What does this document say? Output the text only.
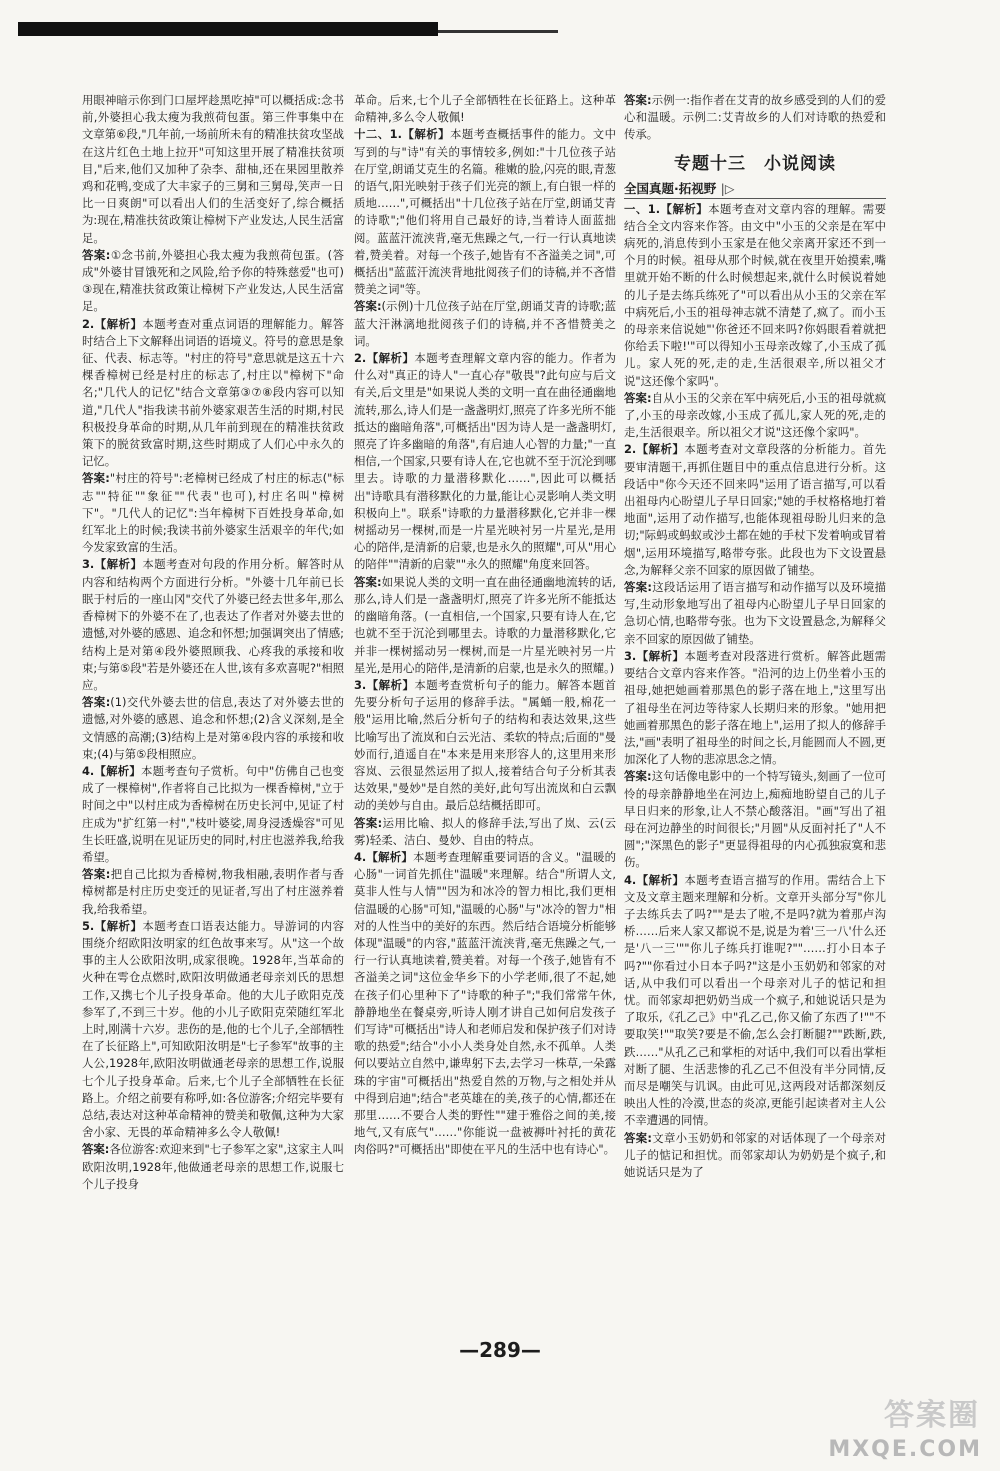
用眼神暗示你到门口屋坪趁黑吃掉"可以概括成:念书前,外婆担心我太瘦为我煎荷包蛋。第三件事集中在文章第⑥段,"几年前,一场前所未有的精准扶贫攻坚战在这片红色土地上拉开"可知这里开展了精准扶贫项目,"后来,他们又加种了杂李、甜柚,还在果园里散养鸡和花鸭,变成了大丰家子的三舅和三舅母,笑声一日比一日爽朗"可以看出人们的生活变好了,综合概括为:现在,精准扶贫政策让樟树下产业发达,人民生活富足。

答案:①念书前,外婆担心我太瘦为我煎荷包蛋。(答成"外婆甘冒饿死和之风险,给予你的特殊慈爱"也可) ③现在,精准扶贫政策让樟树下产业发达,人民生活富足。

2.【解析】本题考查对重点词语的理解能力。解答时结合上下文解释出词语的语境义。符号的意思是象征、代表、标志等。"村庄的符号"意思就是这五十六棵香樟树已经是村庄的标志了,村庄以"樟树下"命名;"几代人的记忆"结合文章第③⑦⑧段内容可以知道,"几代人"指我读书前外婆家艰苦生活的时期,村民积极投身革命的时期,从几年前到现在的精准扶贫政策下的脱贫致富时期,这些时期成了人们心中永久的记忆。

答案:"村庄的符号":老樟树已经成了村庄的标志("标志""特征""象征""代表"也可),村庄名叫"樟树下"。"几代人的记忆":当年樟树下百姓投身革命,如红军北上的时候;我读书前外婆家生活艰辛的年代;如今发家致富的生活。

3.【解析】本题考查对句段的作用分析。解答时从内容和结构两个方面进行分析。"外婆十几年前已长眠于村后的一座山冈"交代了外婆已经去世多年,那么香樟树下的外婆不在了,也表达了作者对外婆去世的遗憾,对外婆的感恩、追念和怀想;加强调突出了情感;结构上是对第④段外婆照顾我、心疼我的承接和收束;与第⑤段"若是外婆还在人世,该有多欢喜呢?"相照应。

答案:(1)交代外婆去世的信息,表达了对外婆去世的遗憾,对外婆的感恩、追念和怀想;(2)含义深刻,是全文情感的高潮;(3)结构上是对第④段内容的承接和收束;(4)与第⑤段相照应。

4.【解析】本题考查句子赏析。句中"仿佛自己也变成了一棵樟树",作者将自己比拟为一棵香樟树,"立于时间之中"以村庄成为香樟树在历史长河中,见证了村庄成为"扩红第一村","枝叶婆娑,周身浸透燥容"可见生长旺盛,说明在见证历史的同时,村庄也滋养我,给我希望。

答案:把自己比拟为香樟树,物我相融,表明作者与香樟树都是村庄历史变迁的见证者,写出了村庄滋养着我,给我希望。

5.【解析】本题考查口语表达能力。导游词的内容围绕介绍欧阳汝明家的红色故事来写。从"这一个故事的主人公欧阳汝明,成家很晚。1928年,当革命的火种在雩仓点燃时,欧阳汝明做通老母亲刘氏的思想工作,又携七个儿子投身革命。他的大儿子欧阳克茂参军了,不到三十岁。他的小儿子欧阳克荣随红军北上时,刚满十六岁。悲伤的是,他的七个儿子,全部牺牲在了长征路上",可知欧阳汝明是"七子参军"故事的主人公,1928年,欧阳汝明做通老母亲的思想工作,说服七个儿子投身革命。后来,七个儿子全部牺牲在长征路上。介绍之前要有称呼,如:各位游客;介绍完毕要有总结,表达对这种革命精神的赞美和敬佩,这种为大家舍小家、无畏的革命精神多么令人敬佩!

答案:各位游客:欢迎来到"七子参军之家",这家主人叫欧阳汝明,1928年,他做通老母亲的思想工作,说服七个儿子投身

革命。后来,七个儿子全部牺牲在长征路上。这种革命精神,多么令人敬佩!

十二、1.【解析】本题考查概括事件的能力。文中写到的与"诗"有关的事情较多,例如:"十几位孩子站在厅堂,朗诵艾克生的名篇。稚嫩的脸,闪亮的眼,青葱的语气,阳光映射于孩子们光亮的额上,有白银一样的质地……",可概括出"十几位孩子站在厅堂,朗诵艾青的诗歌";"他们将用自己最好的诗,当着诗人面蓝拙阅。蓝蓝汗流浃背,毫无焦躁之气,一行一行认真地读着,赞美着。对每一个孩子,她皆有不吝溢美之词",可概括出"蓝蓝汗流浃背地批阅孩子们的诗稿,并不吝惜赞美之词"等。

答案:(示例)十几位孩子站在厅堂,朗诵艾青的诗歌;蓝蓝大汗淋漓地批阅孩子们的诗稿,并不吝惜赞美之词。

2.【解析】本题考查理解文章内容的能力。作者为什么对"真正的诗人"一直心存"敬畏"?此句应与后文有关,后文里是"如果说人类的文明一直在曲径通幽地流转,那么,诗人们是一盏盏明灯,照亮了许多光所不能抵达的幽暗角落",可概括出"因为诗人是一盏盏明灯,照亮了许多幽暗的角落",有启迪人心智的力量;"一直相信,一个国家,只要有诗人在,它也就不至于沉沦到哪里去。诗歌的力量潜移默化……",因此可以概括出"诗歌具有潜移默化的力量,能让心灵影响人类文明积极向上"。联系"诗歌的力量潜移默化,它并非一棵树摇动另一棵树,而是一片星光映衬另一片星光,是用心的陪伴,是清新的启蒙,也是永久的照耀",可从"用心的陪伴""清新的启蒙""永久的照耀"角度来回答。

答案:如果说人类的文明一直在曲径通幽地流转的话,那么,诗人们是一盏盏明灯,照亮了许多光所不能抵达的幽暗角落。(一直相信,一个国家,只要有诗人在,它也就不至于沉沦到哪里去。诗歌的力量潜移默化,它并非一棵树摇动另一棵树,而是一片星光映衬另一片星光,是用心的陪伴,是清新的启蒙,也是永久的照耀。)

3.【解析】本题考查赏析句子的能力。解答本题首先要分析句子运用的修辞手法。"属蛹一般,棉花一般"运用比喻,然后分析句子的结构和表达效果,这些比喻写出了流岚和白云光洁、柔软的特点;后面的"曼妙而行,逍遥自在"本来是用来形容人的,这里用来形容岚、云很显然运用了拟人,接着结合句子分析其表达效果,"曼妙"是自然的美好,此句写出流岚和白云飘动的美妙与自由。最后总结概括即可。

答案:运用比喻、拟人的修辞手法,写出了岚、云(云雾)轻柔、洁白、曼妙、自由的特点。

4.【解析】本题考查理解重要词语的含义。"温暖的心肠"一词首先抓住"温暖"来理解。结合"所谓人文,莫非人性与人情""因为和冰冷的智力相比,我们更相信温暖的心肠"可知,"温暖的心肠"与"冰冷的智力"相对的人性当中的美好的东西。然后结合语境分析能够体现"温暖"的内容,"蓝蓝汗流浃背,毫无焦躁之气,一行一行认真地读着,赞美着。对每一个孩子,她皆有不吝溢美之词"这位金华乡下的小学老师,很了不起,她在孩子们心里种下了"诗歌的种子";"我们常常午休,静静地坐在餐桌旁,听诗人刚才讲自己如何启发孩子们写诗"可概括出"诗人和老师启发和保护孩子们对诗歌的热爱";结合"小小人类身处自然,永不孤单。人类何以要站立自然中,谦卑躬下去,去学习一株草,一朵露珠的宇宙"可概括出"热爱自然的万物,与之相处并从中得到启迪";结合"老英雄在的美,孩子的心情,都还在那里……不要合人类的野性""建于雅俗之间的美,接地气,又有底气"……"你能说一盘被褥叶衬托的黄花肉俗吗?"可概括出"即使在平凡的生活中也有诗心"。

答案:示例一:指作者在艾青的故乡感受到的人们的爱心和温暖。示例二:艾青故乡的人们对诗歌的热爱和传承。

专题十三　小说阅读
全国真题·拓视野 |▷

一、1.【解析】本题考查对文章内容的理解。需要结合全文内容来作答。由文中"小玉的父亲是在军中病死的,消息传到小玉家是在他父亲离开家还不到一个月的时候。祖母从那个时候,就在夜里开始摸索,嘴里就开始不断的什么时候想起来,就什么时候说着她的儿子是去练兵练死了"可以看出从小玉的父亲在军中病死后,小玉的祖母神志就不清楚了,疯了。而小玉的母亲来信说她"'你爸还不回来吗?你妈眼看着就把你给丢下啦!'"可以得知小玉母亲改嫁了,小玉成了孤儿。家人死的死,走的走,生活很艰辛,所以祖父才说"这还像个家吗"。

答案:自从小玉的父亲在军中病死后,小玉的祖母就疯了,小玉的母亲改嫁,小玉成了孤儿,家人死的死,走的走,生活很艰辛。所以祖父才说"这还像个家吗"。

2.【解析】本题考查对文章段落的分析能力。首先要审清题干,再抓住题目中的重点信息进行分析。这段话中"你今天还不回来吗"运用了语言描写,可以看出祖母内心盼望儿子早日回家;"她的手杖格格地打着地面",运用了动作描写,也能体现祖母盼儿归来的急切;"际蚂或蚂蚁或沙土都在她的手杖下发着响或冒着烟",运用环境描写,略带夸张。此段也为下文设置悬念,为解释父亲不回家的原因做了铺垫。

答案:这段话运用了语言描写和动作描写以及环境描写,生动形象地写出了祖母内心盼望儿子早日回家的急切心情,也略带夸张。也为下文设置悬念,为解释父亲不回家的原因做了铺垫。

3.【解析】本题考查对段落进行赏析。解答此题需要结合文章内容来作答。"沿河的边上仍坐着小玉的祖母,她把她画着那黑色的影子落在地上,"这里写出了祖母坐在河边等待家人长期归来的形象。"她用把她画着那黑色的影子落在地上",运用了拟人的修辞手法,"画"表明了祖母坐的时间之长,月能圆而人不圆,更加深化了人物的悲凉思念之情。

答案:这句话像电影中的一个特写镜头,刻画了一位可怜的母亲静静地坐在河边上,痴痴地盼望自己的儿子早日归来的形象,让人不禁心酸落泪。"画"写出了祖母在河边静坐的时间很长;"月圆"从反面衬托了"人不圆";"深黑色的影子"更显得祖母的内心孤独寂寞和悲伤。

4.【解析】本题考查语言描写的作用。需结合上下文及文章主题来理解和分析。文章开头部分写"你儿子去练兵去了吗?""是去了啦,不是吗?就为着那卢沟桥……后来人家又都说不是,说是为着'三一八'什么还是'八一三'""你儿子练兵打谁呢?""……打小日本子吗?""你看过小日本子吗?"这是小玉奶奶和邻家的对话,从中我们可以看出一个母亲对儿子的惦记和担忧。而邻家却把奶奶当成一个疯子,和她说话只是为了取乐,《孔乙己》中"孔乙己,你又偷了东西了!""不要取笑!""取笑?要是不偷,怎么会打断腿?""跌断,跌,跌……"从孔乙己和掌柜的对话中,我们可以看出掌柜对断了腿、生活悲惨的孔乙己不但没有半分同情,反而尽是嘲笑与讥讽。由此可见,这两段对话都深刻反映出人性的冷漠,世态的炎凉,更能引起读者对主人公不幸遭遇的同情。

答案:文章小玉奶奶和邻家的对话体现了一个母亲对儿子的惦记和担忧。而邻家却认为奶奶是个疯子,和她说话只是为了

—289—
答案圈
MXQE.COM
